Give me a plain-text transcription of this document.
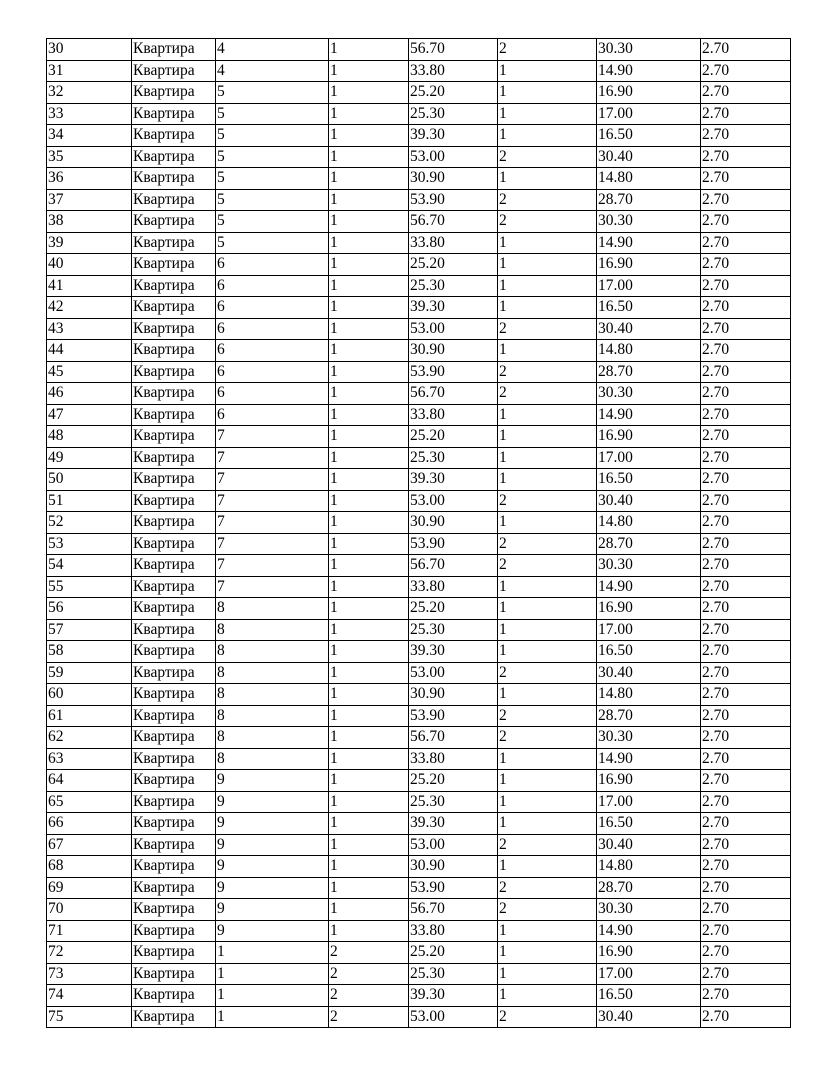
30	Квартира	4	1	56.70	2	30.30	2.70
31	Квартира	4	1	33.80	1	14.90	2.70
32	Квартира	5	1	25.20	1	16.90	2.70
33	Квартира	5	1	25.30	1	17.00	2.70
34	Квартира	5	1	39.30	1	16.50	2.70
35	Квартира	5	1	53.00	2	30.40	2.70
36	Квартира	5	1	30.90	1	14.80	2.70
37	Квартира	5	1	53.90	2	28.70	2.70
38	Квартира	5	1	56.70	2	30.30	2.70
39	Квартира	5	1	33.80	1	14.90	2.70
40	Квартира	6	1	25.20	1	16.90	2.70
41	Квартира	6	1	25.30	1	17.00	2.70
42	Квартира	6	1	39.30	1	16.50	2.70
43	Квартира	6	1	53.00	2	30.40	2.70
44	Квартира	6	1	30.90	1	14.80	2.70
45	Квартира	6	1	53.90	2	28.70	2.70
46	Квартира	6	1	56.70	2	30.30	2.70
47	Квартира	6	1	33.80	1	14.90	2.70
48	Квартира	7	1	25.20	1	16.90	2.70
49	Квартира	7	1	25.30	1	17.00	2.70
50	Квартира	7	1	39.30	1	16.50	2.70
51	Квартира	7	1	53.00	2	30.40	2.70
52	Квартира	7	1	30.90	1	14.80	2.70
53	Квартира	7	1	53.90	2	28.70	2.70
54	Квартира	7	1	56.70	2	30.30	2.70
55	Квартира	7	1	33.80	1	14.90	2.70
56	Квартира	8	1	25.20	1	16.90	2.70
57	Квартира	8	1	25.30	1	17.00	2.70
58	Квартира	8	1	39.30	1	16.50	2.70
59	Квартира	8	1	53.00	2	30.40	2.70
60	Квартира	8	1	30.90	1	14.80	2.70
61	Квартира	8	1	53.90	2	28.70	2.70
62	Квартира	8	1	56.70	2	30.30	2.70
63	Квартира	8	1	33.80	1	14.90	2.70
64	Квартира	9	1	25.20	1	16.90	2.70
65	Квартира	9	1	25.30	1	17.00	2.70
66	Квартира	9	1	39.30	1	16.50	2.70
67	Квартира	9	1	53.00	2	30.40	2.70
68	Квартира	9	1	30.90	1	14.80	2.70
69	Квартира	9	1	53.90	2	28.70	2.70
70	Квартира	9	1	56.70	2	30.30	2.70
71	Квартира	9	1	33.80	1	14.90	2.70
72	Квартира	1	2	25.20	1	16.90	2.70
73	Квартира	1	2	25.30	1	17.00	2.70
74	Квартира	1	2	39.30	1	16.50	2.70
75	Квартира	1	2	53.00	2	30.40	2.70
